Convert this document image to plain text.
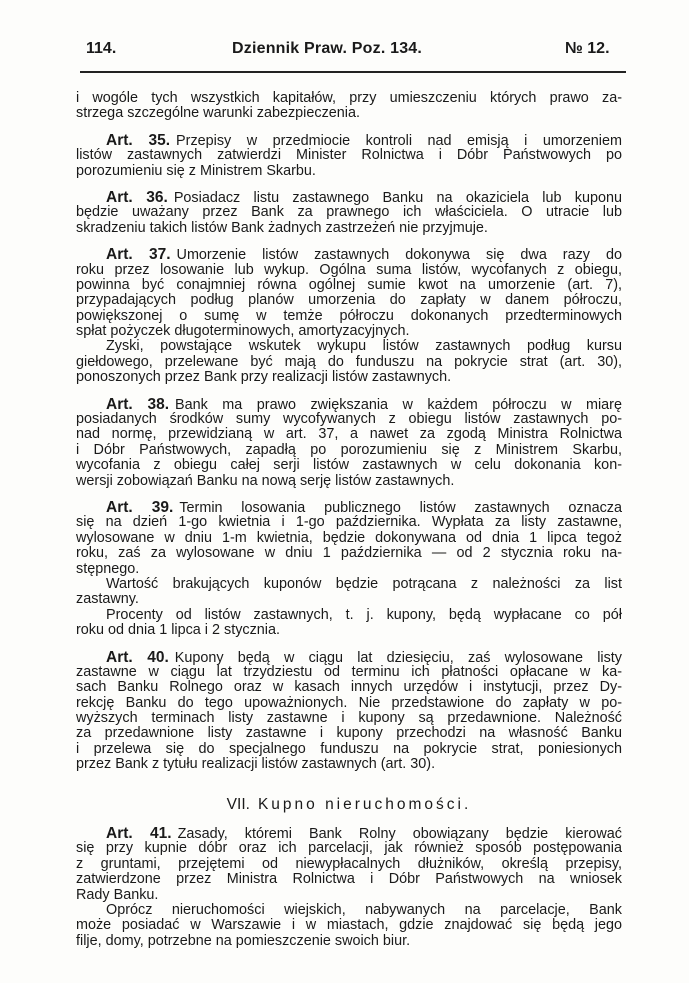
114.	Dziennik Praw. Poz. 134.	№ 12.
i wogóle tych wszystkich kapitałów, przy umieszczeniu których prawo za-
strzega szczególne warunki zabezpieczenia.
Art. 35. Przepisy w przedmiocie kontroli nad emisją i umorzeniem
listów zastawnych zatwierdzi Minister Rolnictwa i Dóbr Państwowych po
porozumieniu się z Ministrem Skarbu.
Art. 36. Posiadacz listu zastawnego Banku na okaziciela lub kuponu
będzie uważany przez Bank za prawnego ich właściciela. O utracie lub
skradzeniu takich listów Bank żadnych zastrzeżeń nie przyjmuje.
Art. 37. Umorzenie listów zastawnych dokonywa się dwa razy do
roku przez losowanie lub wykup. Ogólna suma listów, wycofanych z obiegu,
powinna być conajmniej równa ogólnej sumie kwot na umorzenie (art. 7),
przypadających podług planów umorzenia do zapłaty w danem półroczu,
powiększonej o sumę w temże półroczu dokonanych przedterminowych
spłat pożyczek długoterminowych, amortyzacyjnych.
Zyski, powstające wskutek wykupu listów zastawnych podług kursu
giełdowego, przelewane być mają do funduszu na pokrycie strat (art. 30),
ponoszonych przez Bank przy realizacji listów zastawnych.
Art. 38. Bank ma prawo zwiększania w każdem półroczu w miarę
posiadanych środków sumy wycofywanych z obiegu listów zastawnych po-
nad normę, przewidzianą w art. 37, a nawet za zgodą Ministra Rolnictwa
i Dóbr Państwowych, zapadłą po porozumieniu się z Ministrem Skarbu,
wycofania z obiegu całej serji listów zastawnych w celu dokonania kon-
wersji zobowiązań Banku na nową serję listów zastawnych.
Art. 39. Termin losowania publicznego listów zastawnych oznacza
się na dzień 1-go kwietnia i 1-go października. Wypłata za listy zastawne,
wylosowane w dniu 1-m kwietnia, będzie dokonywana od dnia 1 lipca tegoż
roku, zaś za wylosowane w dniu 1 października — od 2 stycznia roku na-
stępnego.
Wartość brakujących kuponów będzie potrącana z należności za list
zastawny.
Procenty od listów zastawnych, t. j. kupony, będą wypłacane co pół
roku od dnia 1 lipca i 2 stycznia.
Art. 40. Kupony będą w ciągu lat dziesięciu, zaś wylosowane listy
zastawne w ciągu lat trzydziestu od terminu ich płatności opłacane w ka-
sach Banku Rolnego oraz w kasach innych urzędów i instytucji, przez Dy-
rekcję Banku do tego upoważnionych. Nie przedstawione do zapłaty w po-
wyższych terminach listy zastawne i kupony są przedawnione. Należność
za przedawnione listy zastawne i kupony przechodzi na własność Banku
i przelewa się do specjalnego funduszu na pokrycie strat, poniesionych
przez Bank z tytułu realizacji listów zastawnych (art. 30).
VII. Kupno nieruchomości.
Art. 41. Zasady, któremi Bank Rolny obowiązany będzie kierować
się przy kupnie dóbr oraz ich parcelacji, jak również sposób postępowania
z gruntami, przejętemi od niewypłacalnych dłużników, określą przepisy,
zatwierdzone przez Ministra Rolnictwa i Dóbr Państwowych na wniosek
Rady Banku.
Oprócz nieruchomości wiejskich, nabywanych na parcelacje, Bank
może posiadać w Warszawie i w miastach, gdzie znajdować się będą jego
filje, domy, potrzebne na pomieszczenie swoich biur.
